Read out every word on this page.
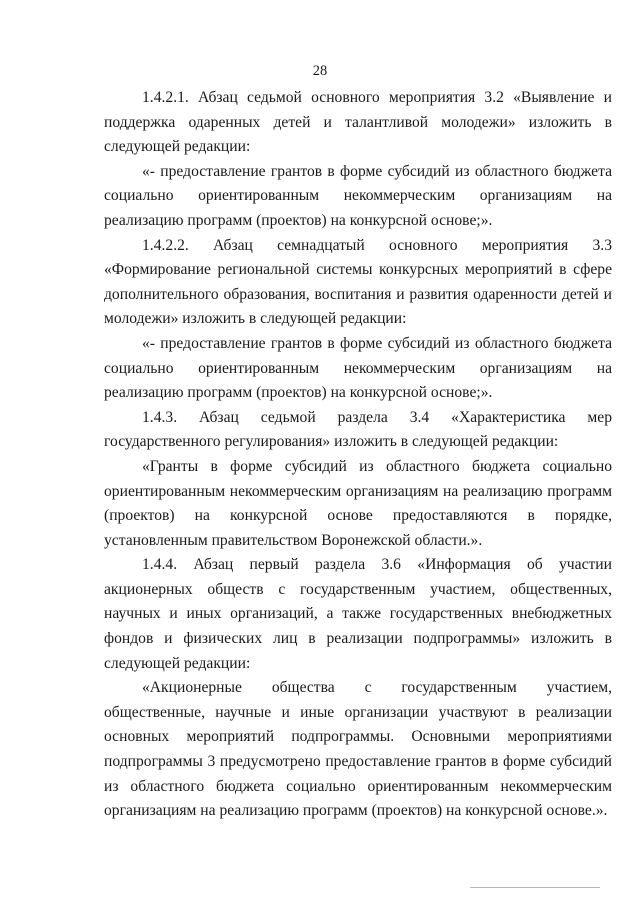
28

1.4.2.1. Абзац седьмой основного мероприятия 3.2 «Выявление и поддержка одаренных детей и талантливой молодежи» изложить в следующей редакции:

«- предоставление грантов в форме субсидий из областного бюджета социально ориентированным некоммерческим организациям на реализацию программ (проектов) на конкурсной основе;».

1.4.2.2. Абзац семнадцатый основного мероприятия 3.3 «Формирование региональной системы конкурсных мероприятий в сфере дополнительного образования, воспитания и развития одаренности детей и молодежи» изложить в следующей редакции:

«- предоставление грантов в форме субсидий из областного бюджета социально ориентированным некоммерческим организациям на реализацию программ (проектов) на конкурсной основе;».

1.4.3. Абзац седьмой раздела 3.4 «Характеристика мер государственного регулирования» изложить в следующей редакции:

«Гранты в форме субсидий из областного бюджета социально ориентированным некоммерческим организациям на реализацию программ (проектов) на конкурсной основе предоставляются в порядке, установленным правительством Воронежской области.».

1.4.4. Абзац первый раздела 3.6 «Информация об участии акционерных обществ с государственным участием, общественных, научных и иных организаций, а также государственных внебюджетных фондов и физических лиц в реализации подпрограммы» изложить в следующей редакции:

«Акционерные общества с государственным участием, общественные, научные и иные организации участвуют в реализации основных мероприятий подпрограммы. Основными мероприятиями подпрограммы 3 предусмотрено предоставление грантов в форме субсидий из областного бюджета социально ориентированным некоммерческим организациям на реализацию программ (проектов) на конкурсной основе.».
